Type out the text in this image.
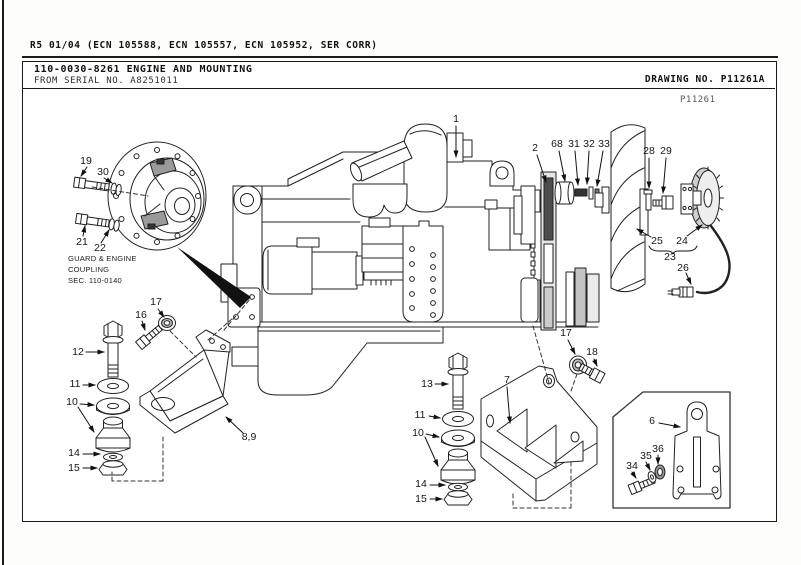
R5 01/04 (ECN 105588, ECN 105557, ECN 105952, SER CORR)
110-0030-8261 ENGINE AND MOUNTING
FROM SERIAL NO. A8251011	DRAWING NO. P11261A
P11261
1
2 68 31 32 33
28 29
19
30
21 22
25 24
23
26
17
16
12
11
10
14
15
8,9
13
11
10
14
15
7
17
18
6
34
35
36
GUARD & ENGINE
COUPLING
SEC. 110-0140
